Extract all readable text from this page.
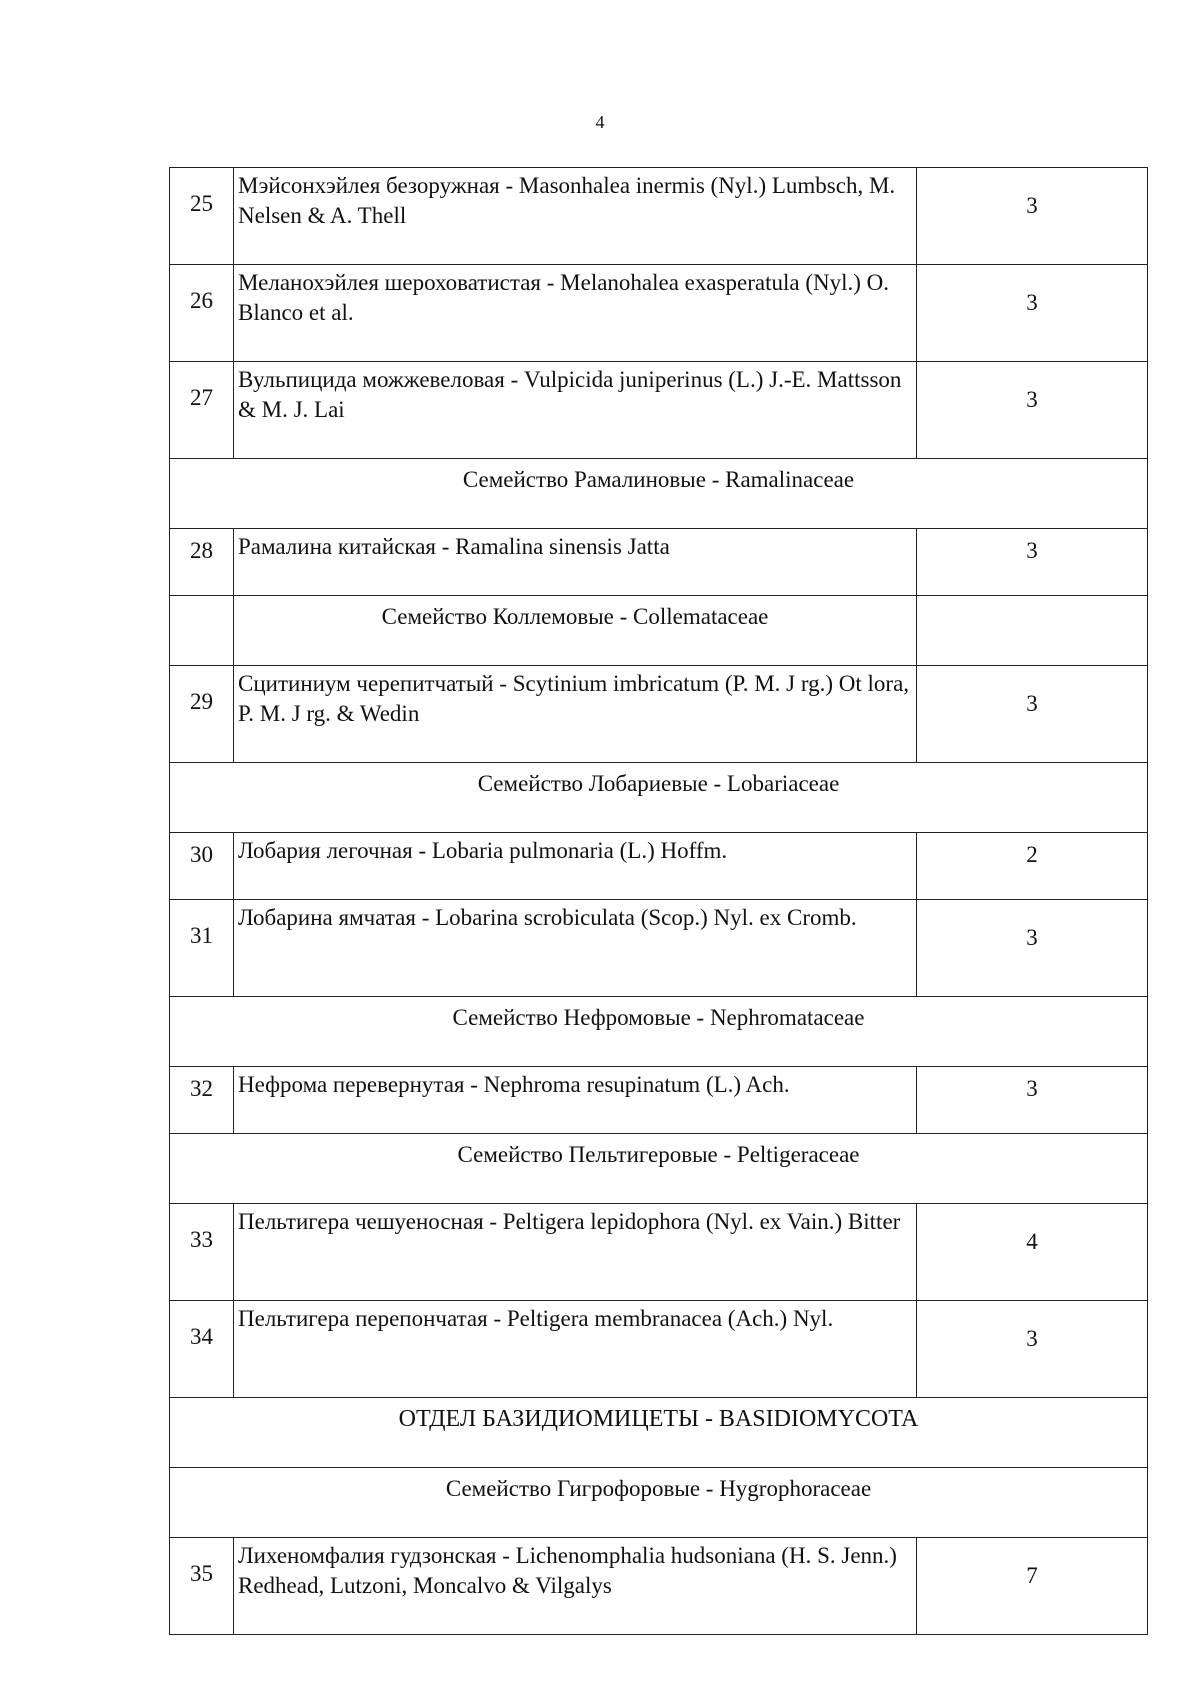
4
25	Мэйсонхэйлея безоружная - Masonhalea inermis (Nyl.) Lumbsch, M. Nelsen & A. Thell	3
26	Меланохэйлея шероховатистая - Melanohalea exasperatula (Nyl.) O. Blanco et al.	3
27	Вульпицида можжевеловая - Vulpicida juniperinus (L.) J.-E. Mattsson & M. J. Lai	3
Семейство Рамалиновые - Ramalinaceae		
28	Рамалина китайская - Ramalina sinensis Jatta	3
	Семейство Коллемовые - Collemataceae	
29	Сцитиниум черепитчатый - Scytinium imbricatum (P. M. J rg.) Ot lora, P. M. J rg. & Wedin	3
Семейство Лобариевые - Lobariaceae		
30	Лобария легочная - Lobaria pulmonaria (L.) Hoffm.	2
31	Лобарина ямчатая - Lobarina scrobiculata (Scop.) Nyl. ex Cromb.	3
Семейство Нефромовые - Nephromataceae		
32	Нефрома перевернутая - Nephroma resupinatum (L.) Ach.	3
Семейство Пельтигеровые - Peltigeraceae		
33	Пельтигера чешуеносная - Peltigera lepidophora (Nyl. ex Vain.) Bitter	4
34	Пельтигера перепончатая - Peltigera membranacea (Ach.) Nyl.	3
ОТДЕЛ БАЗИДИОМИЦЕТЫ - BASIDIOMYCOTA		
Семейство Гигрофоровые - Hygrophoraceae		
35	Лихеномфалия гудзонская - Lichenomphalia hudsoniana (H. S. Jenn.) Redhead, Lutzoni, Moncalvo & Vilgalys	7
